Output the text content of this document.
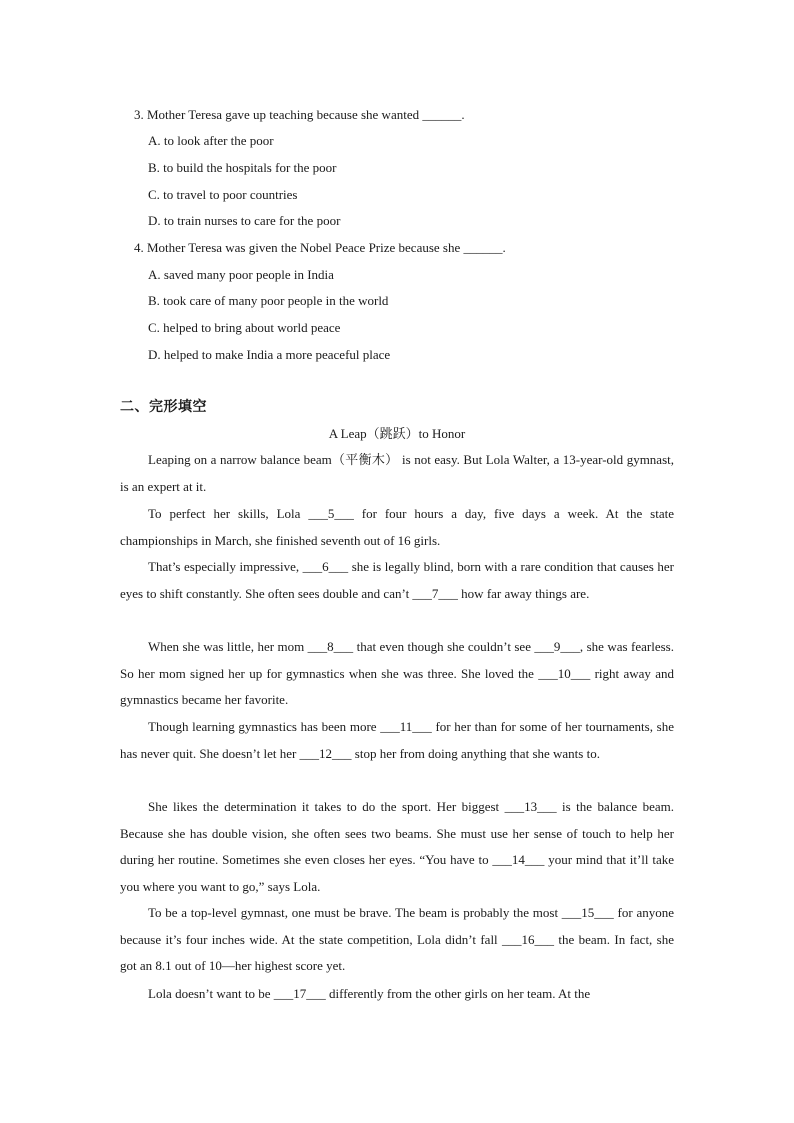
3. Mother Teresa gave up teaching because she wanted ______.
A. to look after the poor
B. to build the hospitals for the poor
C. to travel to poor countries
D. to train nurses to care for the poor
4. Mother Teresa was given the Nobel Peace Prize because she ______.
A. saved many poor people in India
B. took care of many poor people in the world
C. helped to bring about world peace
D. helped to make India a more peaceful place
二、完形填空
A Leap（跳跃）to Honor

Leaping on a narrow balance beam（平衡木） is not easy. But Lola Walter, a 13-year-old gymnast, is an expert at it.

To perfect her skills, Lola ___5___ for four hours a day, five days a week. At the state championships in March, she finished seventh out of 16 girls.

That’s especially impressive, ___6___ she is legally blind, born with a rare condition that causes her eyes to shift constantly. She often sees double and can’t ___7___ how far away things are.

When she was little, her mom ___8___ that even though she couldn’t see ___9___, she was fearless. So her mom signed her up for gymnastics when she was three. She loved the ___10___ right away and gymnastics became her favorite.

Though learning gymnastics has been more ___11___ for her than for some of her tournaments, she has never quit. She doesn’t let her ___12___ stop her from doing anything that she wants to.

She likes the determination it takes to do the sport. Her biggest ___13___ is the balance beam. Because she has double vision, she often sees two beams. She must use her sense of touch to help her during her routine. Sometimes she even closes her eyes. “You have to ___14___ your mind that it’ll take you where you want to go,” says Lola.

To be a top-level gymnast, one must be brave. The beam is probably the most ___15___ for anyone because it’s four inches wide. At the state competition, Lola didn’t fall ___16___ the beam. In fact, she got an 8.1 out of 10—her highest score yet.

Lola doesn’t want to be ___17___ differently from the other girls on her team. At the
